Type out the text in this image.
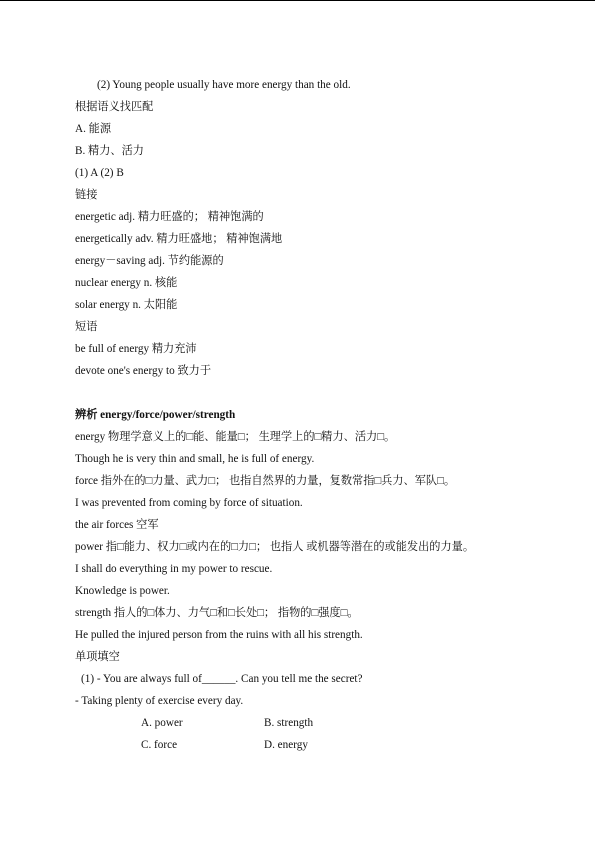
(2) Young people usually have more energy than the old.
根据语义找匹配
A. 能源
B. 精力、活力
(1) A (2) B
链接
energetic adj. 精力旺盛的； 精神饱满的
energetically adv. 精力旺盛地； 精神饱满地
energy－saving adj. 节约能源的
nuclear energy n. 核能
solar energy n. 太阳能
短语
be full of energy 精力充沛
devote one's energy to 致力于
辨析 energy/force/power/strength
energy 物理学意义上的□能、能量□； 生理学上的□精力、活力□。
Though he is very thin and small, he is full of energy.
force 指外在的□力量、武力□； 也指自然界的力量，复数常指□兵力、军队□。
I was prevented from coming by force of situation.
the air forces 空军
power 指□能力、权力□或内在的□力□； 也指人 或机器等潜在的或能发出的力量。
I shall do everything in my power to rescue.
Knowledge is power.
strength 指人的□体力、力气□和□长处□； 指物的□强度□。
He pulled the injured person from the ruins with all his strength.
单项填空
(1) - You are always full of______. Can you tell me the secret?
- Taking plenty of exercise every day.
A. power	B. strength
C. force	D. energy
